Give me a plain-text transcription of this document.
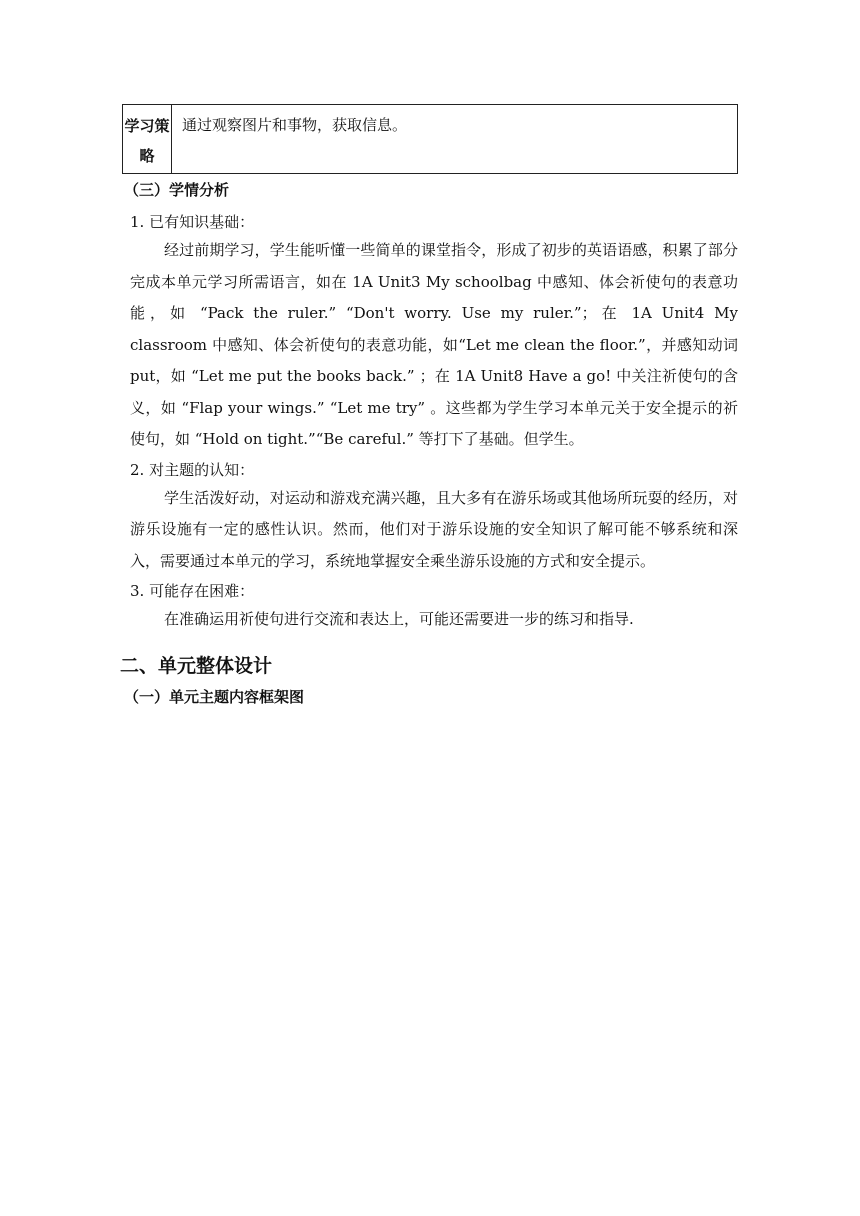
学习策略	通过观察图片和事物，获取信息。
（三）学情分析
1. 已有知识基础：

经过前期学习，学生能听懂一些简单的课堂指令，形成了初步的英语语感，积累了部分完成本单元学习所需语言，如在 1A Unit3 My schoolbag 中感知、体会祈使句的表意功能，如 “Pack the ruler.” “Don't worry. Use my ruler.”；在 1A Unit4 My classroom 中感知、体会祈使句的表意功能，如“Let me clean the floor.”，并感知动词 put，如 “Let me put the books back.” ；在 1A Unit8 Have a go! 中关注祈使句的含义，如 “Flap your wings.” “Let me try” 。这些都为学生学习本单元关于安全提示的祈使句，如 “Hold on tight.”“Be careful.” 等打下了基础。但学生。

2. 对主题的认知：

学生活泼好动，对运动和游戏充满兴趣，且大多有在游乐场或其他场所玩耍的经历，对游乐设施有一定的感性认识。然而，他们对于游乐设施的安全知识了解可能不够系统和深入，需要通过本单元的学习，系统地掌握安全乘坐游乐设施的方式和安全提示。

3. 可能存在困难：

在准确运用祈使句进行交流和表达上，可能还需要进一步的练习和指导.

二、单元整体设计
（一）单元主题内容框架图
